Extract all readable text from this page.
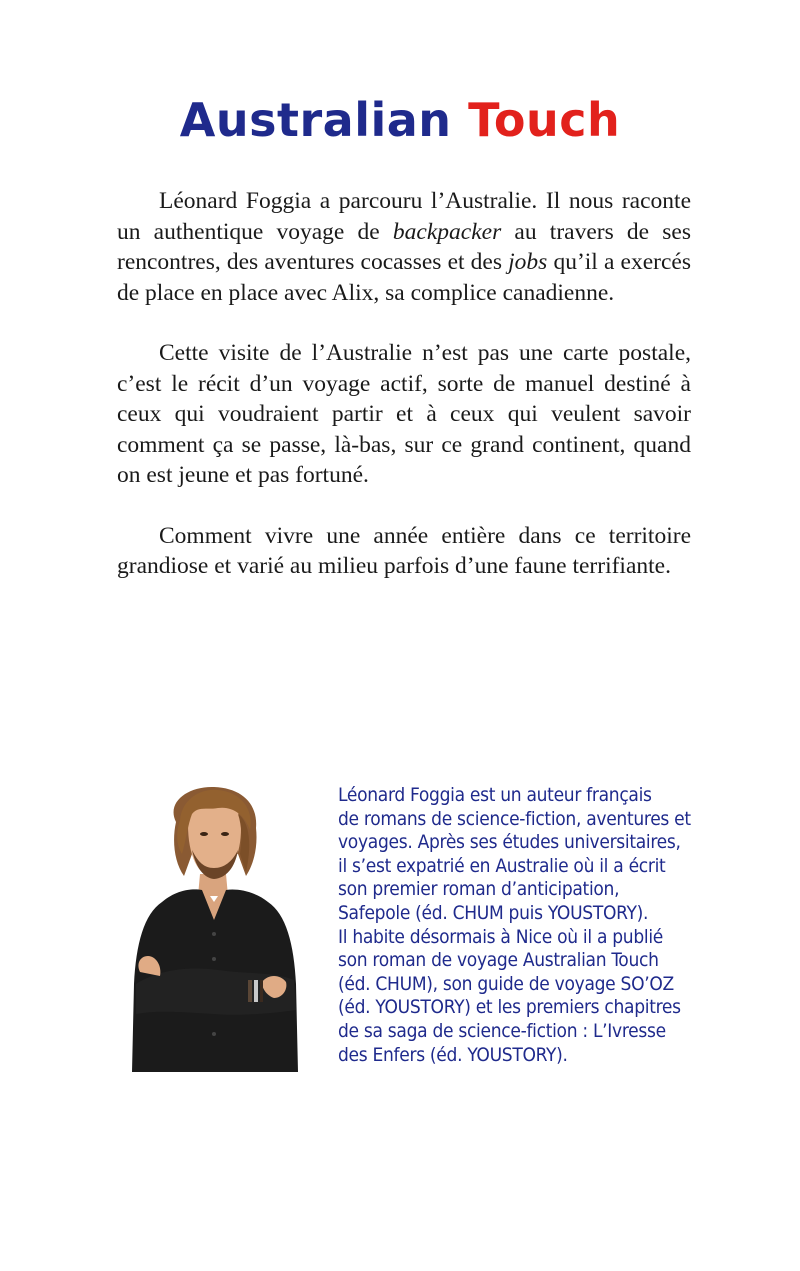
Australian Touch

Léonard Foggia a parcouru l’Australie. Il nous raconte un authentique voyage de backpacker au travers de ses rencontres, des aventures cocasses et des jobs qu’il a exercés de place en place avec Alix, sa complice canadienne.

Cette visite de l’Australie n’est pas une carte postale, c’est le récit d’un voyage actif, sorte de manuel destiné à ceux qui voudraient partir et à ceux qui veulent savoir comment ça se passe, là-bas, sur ce grand continent, quand on est jeune et pas fortuné.

Comment vivre une année entière dans ce territoire grandiose et varié au milieu parfois d’une faune terrifiante.

Léonard Foggia est un auteur français
de romans de science-fiction, aventures et
voyages. Après ses études universitaires,
il s’est expatrié en Australie où il a écrit
son premier roman d’anticipation,
Safepole (éd. CHUM puis YOUSTORY).
Il habite désormais à Nice où il a publié
son roman de voyage Australian Touch
(éd. CHUM), son guide de voyage SO’OZ
(éd. YOUSTORY) et les premiers chapitres
de sa saga de science-fiction : L’Ivresse
des Enfers (éd. YOUSTORY).
